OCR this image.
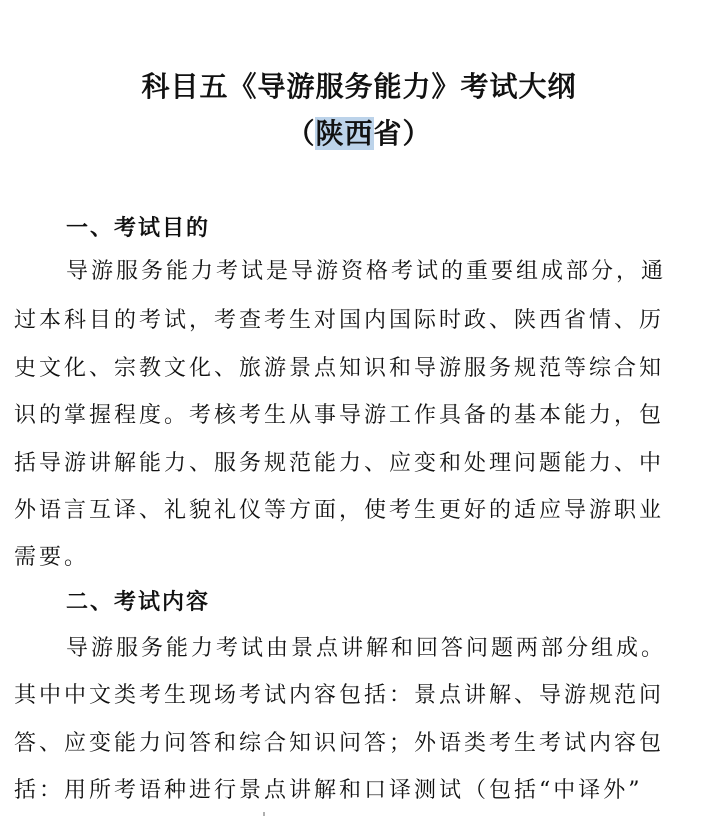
科目五《导游服务能力》考试大纲
（陕西省）
一、考试目的
导游服务能力考试是导游资格考试的重要组成部分，通
过本科目的考试，考查考生对国内国际时政、陕西省情、历
史文化、宗教文化、旅游景点知识和导游服务规范等综合知
识的掌握程度。考核考生从事导游工作具备的基本能力，包
括导游讲解能力、服务规范能力、应变和处理问题能力、中
外语言互译、礼貌礼仪等方面，使考生更好的适应导游职业
需要。
二、考试内容
导游服务能力考试由景点讲解和回答问题两部分组成。
其中中文类考生现场考试内容包括：景点讲解、导游规范问
答、应变能力问答和综合知识问答；外语类考生考试内容包
括：用所考语种进行景点讲解和口译测试（包括“中译外”
